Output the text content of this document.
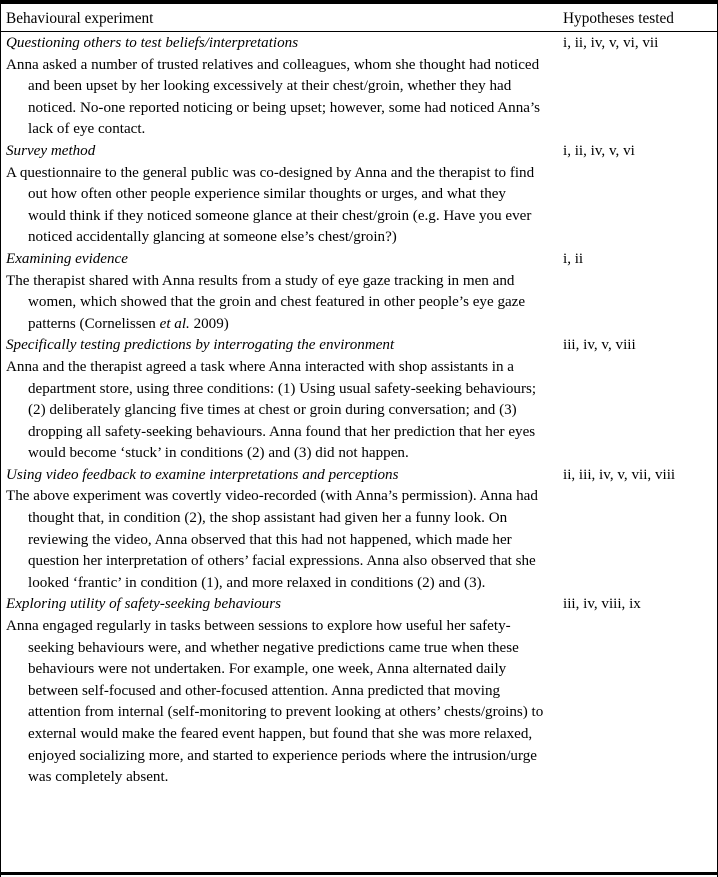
Behavioural experiment	Hypotheses tested
Questioning others to test beliefs/interpretations
Anna asked a number of trusted relatives and colleagues, whom she thought had noticed and been upset by her looking excessively at their chest/groin, whether they had noticed. No-one reported noticing or being upset; however, some had noticed Anna’s lack of eye contact.
i, ii, iv, v, vi, vii
Survey method
A questionnaire to the general public was co-designed by Anna and the therapist to find out how often other people experience similar thoughts or urges, and what they would think if they noticed someone glance at their chest/groin (e.g. Have you ever noticed accidentally glancing at someone else’s chest/groin?)
i, ii, iv, v, vi
Examining evidence
The therapist shared with Anna results from a study of eye gaze tracking in men and women, which showed that the groin and chest featured in other people’s eye gaze patterns (Cornelissen et al. 2009)
i, ii
Specifically testing predictions by interrogating the environment
Anna and the therapist agreed a task where Anna interacted with shop assistants in a department store, using three conditions: (1) Using usual safety-seeking behaviours; (2) deliberately glancing five times at chest or groin during conversation; and (3) dropping all safety-seeking behaviours. Anna found that her prediction that her eyes would become ‘stuck’ in conditions (2) and (3) did not happen.
iii, iv, v, viii
Using video feedback to examine interpretations and perceptions
The above experiment was covertly video-recorded (with Anna’s permission). Anna had thought that, in condition (2), the shop assistant had given her a funny look. On reviewing the video, Anna observed that this had not happened, which made her question her interpretation of others’ facial expressions. Anna also observed that she looked ‘frantic’ in condition (1), and more relaxed in conditions (2) and (3).
ii, iii, iv, v, vii, viii
Exploring utility of safety-seeking behaviours
Anna engaged regularly in tasks between sessions to explore how useful her safety-seeking behaviours were, and whether negative predictions came true when these behaviours were not undertaken. For example, one week, Anna alternated daily between self-focused and other-focused attention. Anna predicted that moving attention from internal (self-monitoring to prevent looking at others’ chests/groins) to external would make the feared event happen, but found that she was more relaxed, enjoyed socializing more, and started to experience periods where the intrusion/urge was completely absent.
iii, iv, viii, ix
